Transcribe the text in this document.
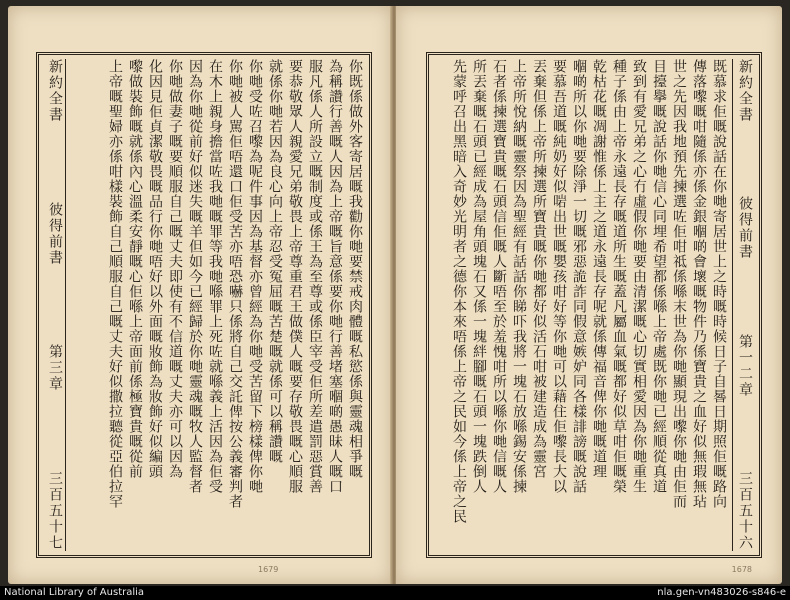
新約全書
彼得前書
第三章
三百五十七
你既係做外客寄居嘅我勸你哋要禁戒肉體嘅私慾係與靈魂相爭嘅
為稱讚行善嘅人因為上帝嘅旨意係要你哋行善堵塞嗰啲愚昧人嘅口
服凡係人所設立嘅制度或係王為至尊或係臣宰受佢所差遣罰惡賞善
要恭敬眾人親愛兄弟敬畏上帝尊重君王做僕人嘅要存敬畏嘅心順服
就係你哋若因為良心向上帝忍受冤屈嘅苦楚嘅就係可以稱讚嘅
你哋受咗召嚟為呢件事因為基督亦曾經為你哋受苦留下榜樣俾你哋
你哋被人駡佢唔還口佢受苦亦唔恐嚇只係將自己交託俾按公義審判者
在木上親身擔當咗我哋嘅罪等我哋喺罪上死咗就喺義上活因為佢受
因為你哋從前好似迷失嘅羊但如今已經歸於你哋靈魂嘅牧人監督者
你哋做妻子嘅要順服自己嘅丈夫即使有不信道嘅丈夫亦可以因為
化因見佢貞潔敬畏嘅品行你哋唔好以外面嘅妝飾為妝飾好似編頭
嚟做裝飾嘅就係內心溫柔安靜嘅心佢喺上帝面前係極寶貴嘅從前
上帝嘅聖婦亦係咁樣裝飾自己順服自己嘅丈夫好似撒拉聽從亞伯拉罕
1679
新約全書
彼得前書
第一二章
三百五十六
既慕求佢嘅說話在你哋寄居世上之時嘅時候日子自晷日期照佢嘅路向
傳落嚟嘅咁隨係亦係金銀嗰啲會壞嘅物件乃係寶貴之血好似無瑕無玷
世之先因我地預先揀選咗佢咁祗係喺末世為你哋顯現出嚟你哋由佢而
目擡擧嘅說話你哋信心同埋希望都係喺上帝處既你哋已經順從真道
致到有愛兄弟之心冇虛假你哋要由清潔嘅心切實相愛因為你哋重生
種子係由上帝永遠長存嘅道所生嘅蓋凡屬血氣嘅都好似草咁佢嘅榮
乾枯花嘅凋謝惟係上主之道永遠長存呢就係傳福音俾你哋嘅道理
嗰啲所以你哋要除淨一切嘅邪惡詭詐同假意嫉妒同各樣誹謗嘅說話
要慕吾道嘅純奶好似啱出世嘅嬰孩咁好等你哋可以藉住佢嚟長大以
丟棄但係上帝所揀選所寶貴嘅你哋都好似活石咁被建造成為靈宮
上帝所悅納嘅靈祭因為聖經有話話你睇吓我將一塊石放喺錫安係揀
石者係揀選寶貴嘅石頭信佢嘅人斷唔至於羞愧咁所以喺你哋信嘅人
所丟棄嘅石頭已經成為屋角頭塊石又係一塊絆腳嘅石頭一塊跌倒人
先蒙呼召出黑暗入奇妙光明者之德你本來唔係上帝之民如今係上帝之民
1678
National Library of Australia	nla.gen-vn483026-s846-e
